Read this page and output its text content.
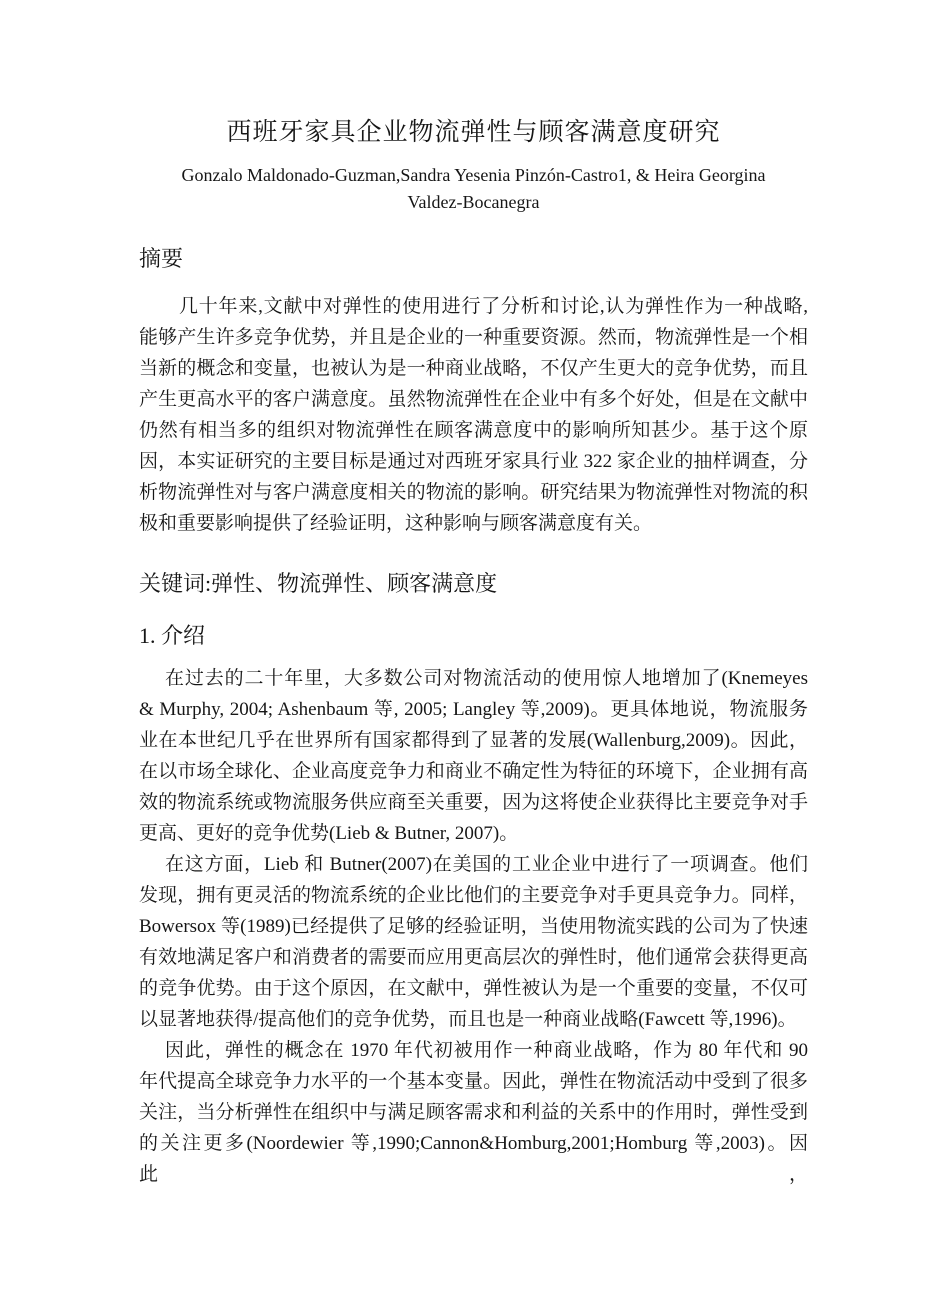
西班牙家具企业物流弹性与顾客满意度研究
Gonzalo Maldonado-Guzman,Sandra Yesenia Pinzón-Castro1, & Heira Georgina
Valdez-Bocanegra
摘要
几十年来,文献中对弹性的使用进行了分析和讨论,认为弹性作为一种战略,
能够产生许多竞争优势，并且是企业的一种重要资源。然而，物流弹性是一个相
当新的概念和变量，也被认为是一种商业战略，不仅产生更大的竞争优势，而且
产生更高水平的客户满意度。虽然物流弹性在企业中有多个好处，但是在文献中
仍然有相当多的组织对物流弹性在顾客满意度中的影响所知甚少。基于这个原
因，本实证研究的主要目标是通过对西班牙家具行业 322 家企业的抽样调查，分
析物流弹性对与客户满意度相关的物流的影响。研究结果为物流弹性对物流的积
极和重要影响提供了经验证明，这种影响与顾客满意度有关。
关键词:弹性、物流弹性、顾客满意度
1. 介绍
在过去的二十年里，大多数公司对物流活动的使用惊人地增加了(Knemeyes
& Murphy, 2004; Ashenbaum 等, 2005; Langley 等,2009)。更具体地说，物流服务
业在本世纪几乎在世界所有国家都得到了显著的发展(Wallenburg,2009)。因此，
在以市场全球化、企业高度竞争力和商业不确定性为特征的环境下，企业拥有高
效的物流系统或物流服务供应商至关重要，因为这将使企业获得比主要竞争对手
更高、更好的竞争优势(Lieb & Butner, 2007)。
在这方面，Lieb 和 Butner(2007)在美国的工业企业中进行了一项调查。他们
发现，拥有更灵活的物流系统的企业比他们的主要竞争对手更具竞争力。同样，
Bowersox 等(1989)已经提供了足够的经验证明，当使用物流实践的公司为了快速
有效地满足客户和消费者的需要而应用更高层次的弹性时，他们通常会获得更高
的竞争优势。由于这个原因，在文献中，弹性被认为是一个重要的变量，不仅可
以显著地获得/提高他们的竞争优势，而且也是一种商业战略(Fawcett 等,1996)。
因此，弹性的概念在 1970 年代初被用作一种商业战略，作为 80 年代和 90
年代提高全球竞争力水平的一个基本变量。因此，弹性在物流活动中受到了很多
关注，当分析弹性在组织中与满足顾客需求和利益的关系中的作用时，弹性受到
的关注更多(Noordewier 等,1990;Cannon&Homburg,2001;Homburg 等,2003)。因此，
